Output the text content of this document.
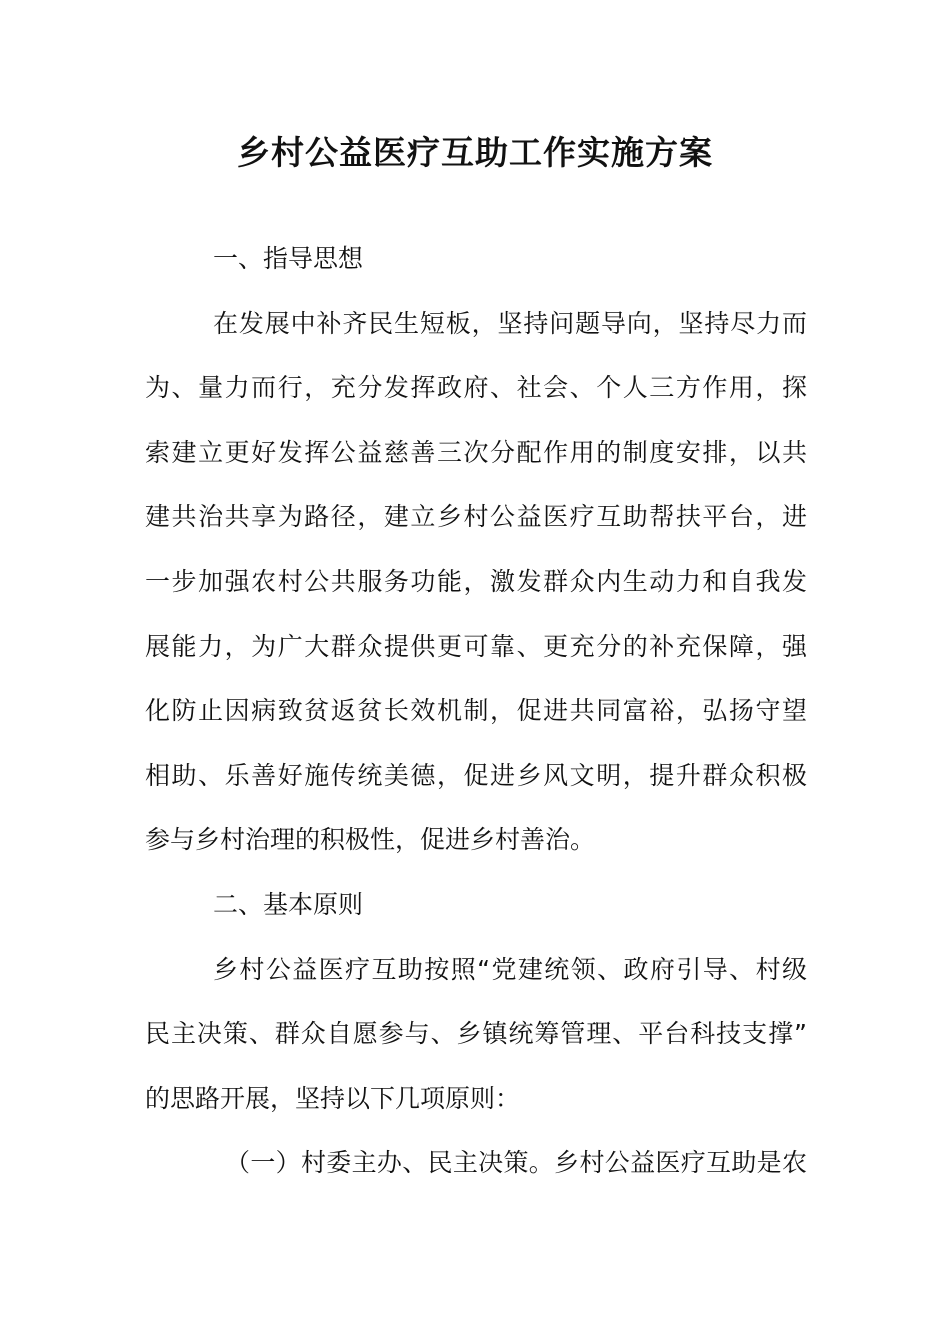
乡村公益医疗互助工作实施方案
一、指导思想
在发展中补齐民生短板，坚持问题导向，坚持尽力而
为、量力而行，充分发挥政府、社会、个人三方作用，探
索建立更好发挥公益慈善三次分配作用的制度安排，以共
建共治共享为路径，建立乡村公益医疗互助帮扶平台，进
一步加强农村公共服务功能，激发群众内生动力和自我发
展能力，为广大群众提供更可靠、更充分的补充保障，强
化防止因病致贫返贫长效机制，促进共同富裕，弘扬守望
相助、乐善好施传统美德，促进乡风文明，提升群众积极
参与乡村治理的积极性，促进乡村善治。
二、基本原则
乡村公益医疗互助按照“党建统领、政府引导、村级
民主决策、群众自愿参与、乡镇统筹管理、平台科技支撑”
的思路开展，坚持以下几项原则：
（一）村委主办、民主决策。乡村公益医疗互助是农
